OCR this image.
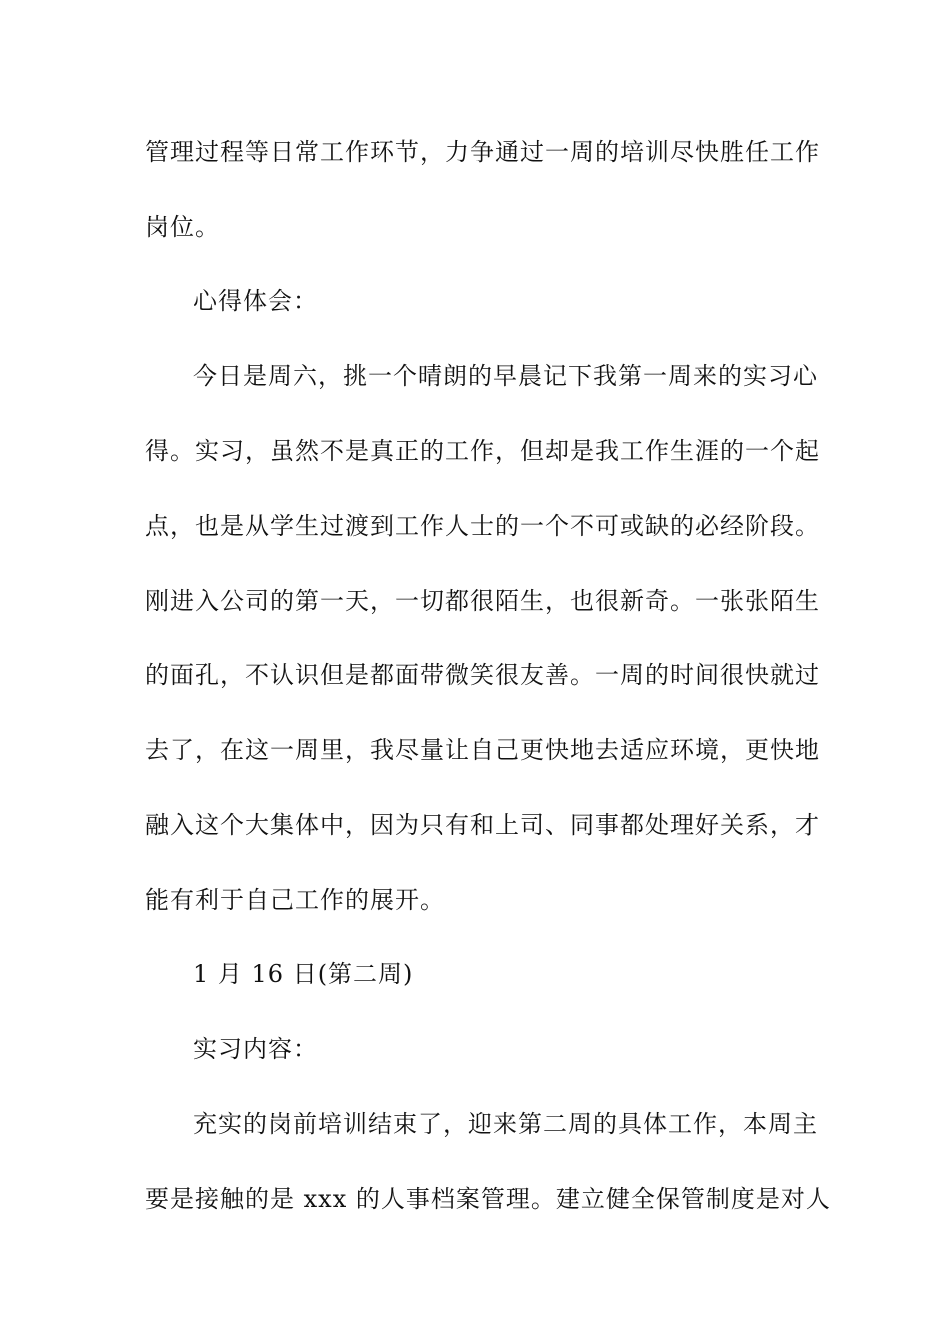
管理过程等日常工作环节，力争通过一周的培训尽快胜任工作
岗位。
心得体会：
今日是周六，挑一个晴朗的早晨记下我第一周来的实习心
得。实习，虽然不是真正的工作，但却是我工作生涯的一个起
点，也是从学生过渡到工作人士的一个不可或缺的必经阶段。
刚进入公司的第一天，一切都很陌生，也很新奇。一张张陌生
的面孔，不认识但是都面带微笑很友善。一周的时间很快就过
去了，在这一周里，我尽量让自己更快地去适应环境，更快地
融入这个大集体中，因为只有和上司、同事都处理好关系，才
能有利于自己工作的展开。
1 月 16 日(第二周)
实习内容：
充实的岗前培训结束了，迎来第二周的具体工作，本周主
要是接触的是 xxx 的人事档案管理。建立健全保管制度是对人
